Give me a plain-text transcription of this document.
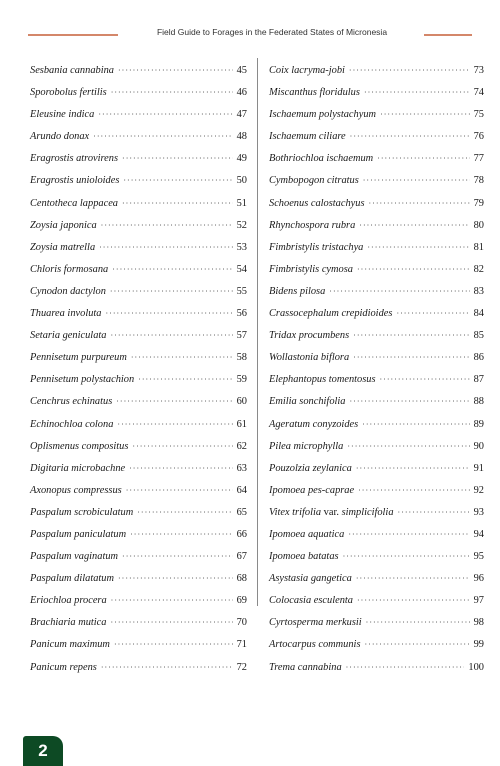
Field Guide to Forages in the Federated States of Micronesia
Sesbania cannabina ·····	45
Sporobolus fertilis ·····	46
Eleusine indica ·····	47
Arundo donax ·····	48
Eragrostis atrovirens ·····	49
Eragrostis unioloides ·····	50
Centotheca lappacea ·····	51
Zoysia japonica ·····	52
Zoysia matrella ·····	53
Chloris formosana ·····	54
Cynodon dactylon ·····	55
Thuarea involuta ·····	56
Setaria geniculata ·····	57
Pennisetum purpureum ·····	58
Pennisetum polystachion ·····	59
Cenchrus echinatus ·····	60
Echinochloa colona ·····	61
Oplismenus compositus ·····	62
Digitaria microbachne ·····	63
Axonopus compressus ·····	64
Paspalum scrobiculatum ·····	65
Paspalum paniculatum ·····	66
Paspalum vaginatum ·····	67
Paspalum dilatatum ·····	68
Eriochloa procera ·····	69
Brachiaria mutica ·····	70
Panicum maximum ·····	71
Panicum repens ·····	72
Coix lacryma-jobi ·····	73
Miscanthus floridulus ·····	74
Ischaemum polystachyum ·····	75
Ischaemum ciliare ·····	76
Bothriochloa ischaemum ·····	77
Cymbopogon citratus ·····	78
Schoenus calostachyus ·····	79
Rhynchospora rubra ·····	80
Fimbristylis tristachya ·····	81
Fimbristylis cymosa ·····	82
Bidens pilosa ·····	83
Crassocephalum crepidioides ·····	84
Tridax procumbens ·····	85
Wollastonia biflora ·····	86
Elephantopus tomentosus ·····	87
Emilia sonchifolia ·····	88
Ageratum conyzoides ·····	89
Pilea microphylla ·····	90
Pouzolzia zeylanica ·····	91
Ipomoea pes-caprae ·····	92
Vitex trifolia var. simplicifolia ·····	93
Ipomoea aquatica ·····	94
Ipomoea batatas ·····	95
Asystasia gangetica ·····	96
Colocasia esculenta ·····	97
Cyrtosperma merkusii ·····	98
Artocarpus communis ·····	99
Trema cannabina ·····	100
2
